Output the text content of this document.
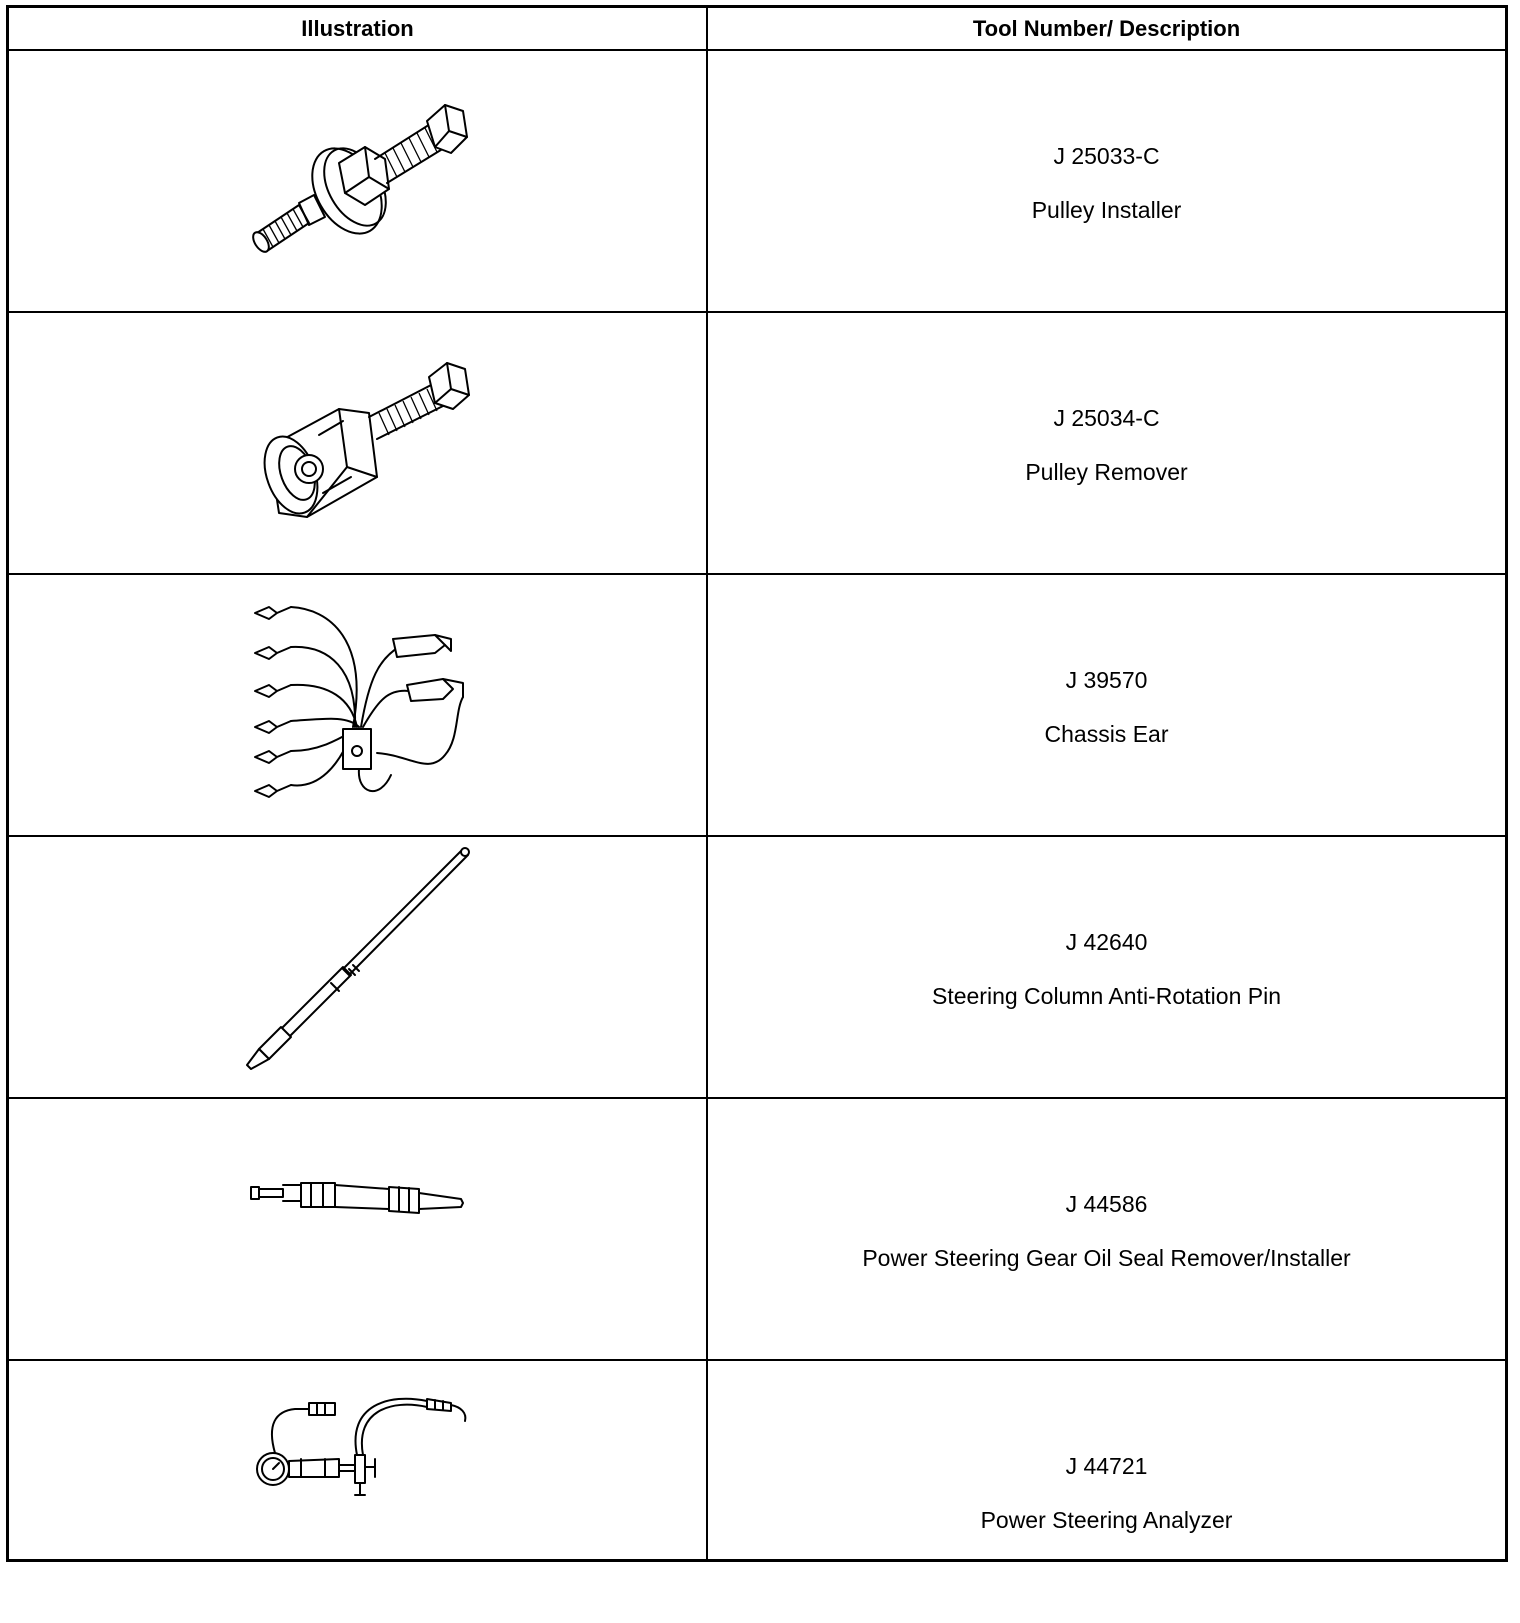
Illustration	Tool Number/ Description
J 25033-C
Pulley Installer
J 25034-C
Pulley Remover
J 39570
Chassis Ear
J 42640
Steering Column Anti-Rotation Pin
J 44586
Power Steering Gear Oil Seal Remover/Installer
J 44721
Power Steering Analyzer
